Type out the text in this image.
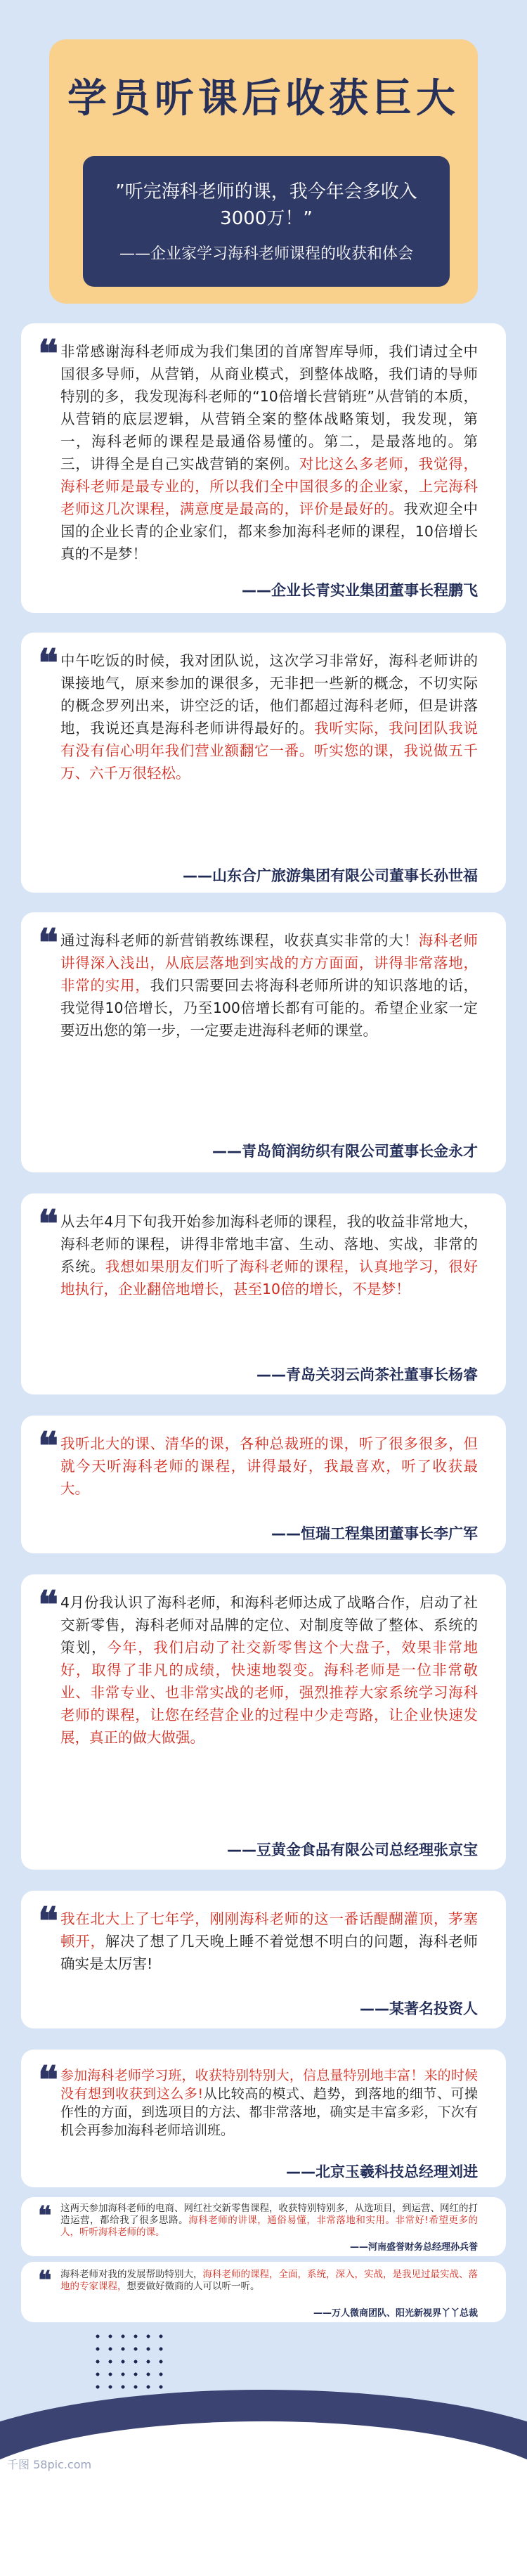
学员听课后收获巨大

”听完海科老师的课，我今年会多收入

3000万！”

——企业家学习海科老师课程的收获和体会

❝ 非常感谢海科老师成为我们集团的首席智库导师，我们请过全中国很多导师，从营销，从商业模式，到整体战略，我们请的导师特别的多，我发现海科老师的“10倍增长营销班”从营销的本质，从营销的底层逻辑，从营销全案的整体战略策划，我发现，第一，海科老师的课程是最通俗易懂的。第二，是最落地的。第三，讲得全是自己实战营销的案例。对比这么多老师，我觉得，海科老师是最专业的，所以我们全中国很多的企业家，上完海科老师这几次课程，满意度是最高的，评价是最好的。我欢迎全中国的企业长青的企业家们，都来参加海科老师的课程，10倍增长真的不是梦！

——企业长青实业集团董事长程鹏飞

❝ 中午吃饭的时候，我对团队说，这次学习非常好，海科老师讲的课接地气，原来参加的课很多，无非把一些新的概念，不切实际的概念罗列出来，讲空泛的话，他们都超过海科老师，但是讲落地，我说还真是海科老师讲得最好的。我听实际，我问团队我说有没有信心明年我们营业额翻它一番。听实您的课，我说做五千万、六千万很轻松。

——山东合广旅游集团有限公司董事长孙世福

❝ 通过海科老师的新营销教练课程，收获真实非常的大！海科老师讲得深入浅出，从底层落地到实战的方方面面，讲得非常落地，非常的实用，我们只需要回去将海科老师所讲的知识落地的话，我觉得10倍增长，乃至100倍增长都有可能的。希望企业家一定要迈出您的第一步，一定要走进海科老师的课堂。

——青岛简润纺织有限公司董事长金永才

❝ 从去年4月下旬我开始参加海科老师的课程，我的收益非常地大，海科老师的课程，讲得非常地丰富、生动、落地、实战，非常的系统。我想如果朋友们听了海科老师的课程，认真地学习，很好地执行，企业翻倍地增长，甚至10倍的增长，不是梦！

——青岛关羽云尚茶社董事长杨睿

❝ 我听北大的课、清华的课，各种总裁班的课，听了很多很多，但就今天听海科老师的课程，讲得最好，我最喜欢，听了收获最大。

——恒瑞工程集团董事长李广军

❝ 4月份我认识了海科老师，和海科老师达成了战略合作，启动了社交新零售，海科老师对品牌的定位、对制度等做了整体、系统的策划，今年，我们启动了社交新零售这个大盘子，效果非常地好，取得了非凡的成绩，快速地裂变。海科老师是一位非常敬业、非常专业、也非常实战的老师，强烈推荐大家系统学习海科老师的课程，让您在经营企业的过程中少走弯路，让企业快速发展，真正的做大做强。

——豆黄金食品有限公司总经理张京宝

❝ 我在北大上了七年学，刚刚海科老师的这一番话醍醐灌顶，茅塞顿开，解决了想了几天晚上睡不着觉想不明白的问题，海科老师确实是太厉害!

——某著名投资人

❝ 参加海科老师学习班，收获特别特别大，信息量特别地丰富！来的时候没有想到收获到这么多!从比较高的模式、趋势，到落地的细节、可操作性的方面，到选项目的方法、都非常落地，确实是丰富多彩，下次有机会再参加海科老师培训班。

——北京玉羲科技总经理刘进

❝ 这两天参加海科老师的电商、网红社交新零售课程，收获特别特别多，从选项目，到运营、网红的打造运营，都给我了很多思路。海科老师的讲课，通俗易懂，非常落地和实用。非常好!希望更多的人，听听海科老师的课。

——河南盛誉财务总经理孙兵誉

❝ 海科老师对我的发展帮助特别大，海科老师的课程，全面，系统，深入，实战，是我见过最实战、落地的专家课程，想要做好微商的人可以听一听。

——万人微商团队、阳光新视界丫丫总裁

千图 58pic.com
